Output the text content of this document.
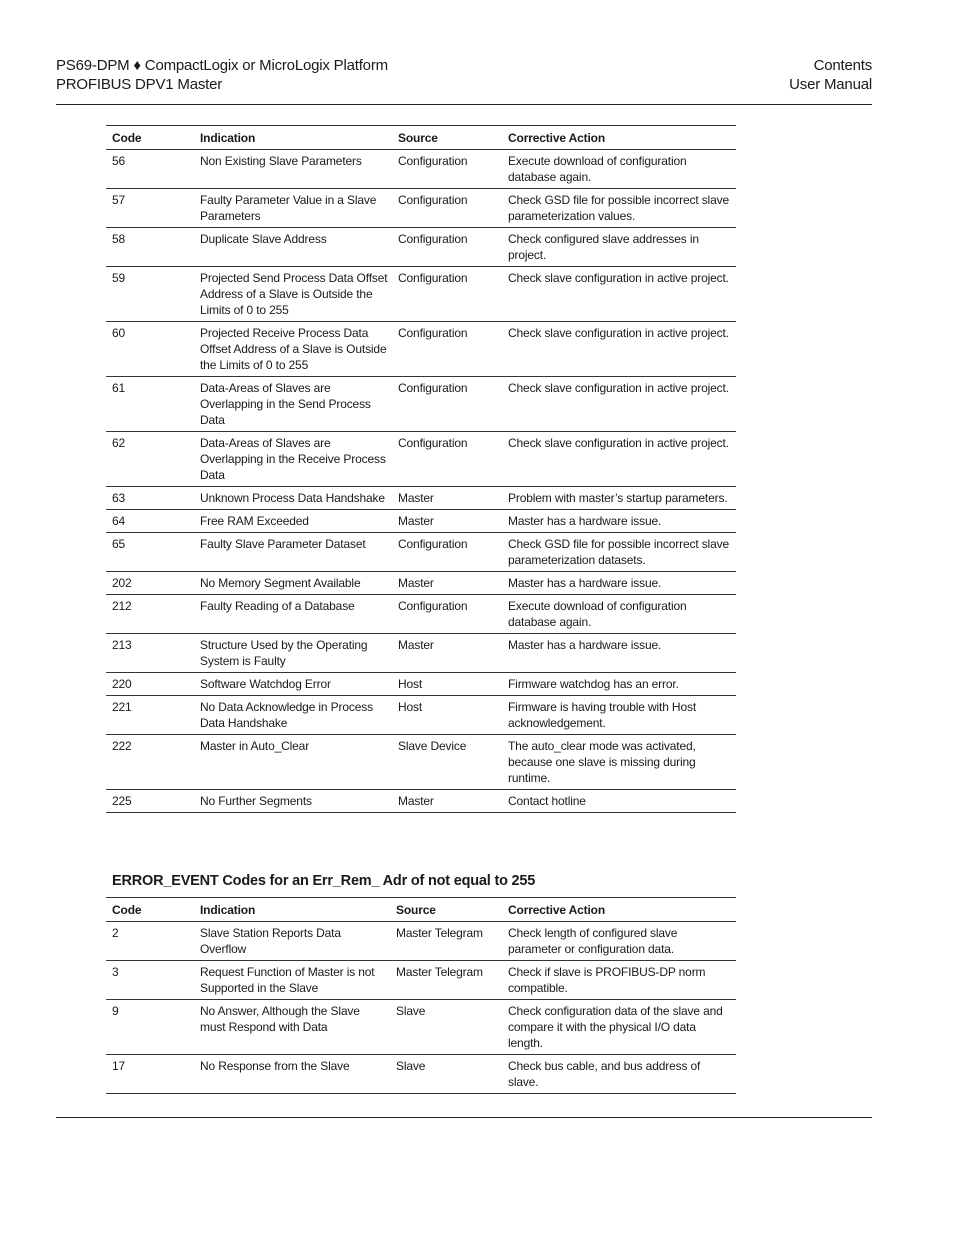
PS69-DPM ♦ CompactLogix or MicroLogix Platform
PROFIBUS DPV1 Master
Contents
User Manual
Code	Indication	Source	Corrective Action
56	Non Existing Slave Parameters	Configuration	Execute download of configuration database again.
57	Faulty Parameter Value in a Slave Parameters	Configuration	Check GSD file for possible incorrect slave parameterization values.
58	Duplicate Slave Address	Configuration	Check configured slave addresses in project.
59	Projected Send Process Data Offset Address of a Slave is Outside the Limits of 0 to 255	Configuration	Check slave configuration in active project.
60	Projected Receive Process Data Offset Address of a Slave is Outside the Limits of 0 to 255	Configuration	Check slave configuration in active project.
61	Data-Areas of Slaves are Overlapping in the Send Process Data	Configuration	Check slave configuration in active project.
62	Data-Areas of Slaves are Overlapping in the Receive Process Data	Configuration	Check slave configuration in active project.
63	Unknown Process Data Handshake	Master	Problem with master’s startup parameters.
64	Free RAM Exceeded	Master	Master has a hardware issue.
65	Faulty Slave Parameter Dataset	Configuration	Check GSD file for possible incorrect slave parameterization datasets.
202	No Memory Segment Available	Master	Master has a hardware issue.
212	Faulty Reading of a Database	Configuration	Execute download of configuration database again.
213	Structure Used by the Operating System is Faulty	Master	Master has a hardware issue.
220	Software Watchdog Error	Host	Firmware watchdog has an error.
221	No Data Acknowledge in Process Data Handshake	Host	Firmware is having trouble with Host acknowledgement.
222	Master in Auto_Clear	Slave Device	The auto_clear mode was activated, because one slave is missing during runtime.
225	No Further Segments	Master	Contact hotline
ERROR_EVENT Codes for an Err_Rem_ Adr of not equal to 255
Code	Indication	Source	Corrective Action
2	Slave Station Reports Data Overflow	Master Telegram	Check length of configured slave parameter or configuration data.
3	Request Function of Master is not Supported in the Slave	Master Telegram	Check if slave is PROFIBUS-DP norm compatible.
9	No Answer, Although the Slave must Respond with Data	Slave	Check configuration data of the slave and compare it with the physical I/O data length.
17	No Response from the Slave	Slave	Check bus cable, and bus address of slave.
